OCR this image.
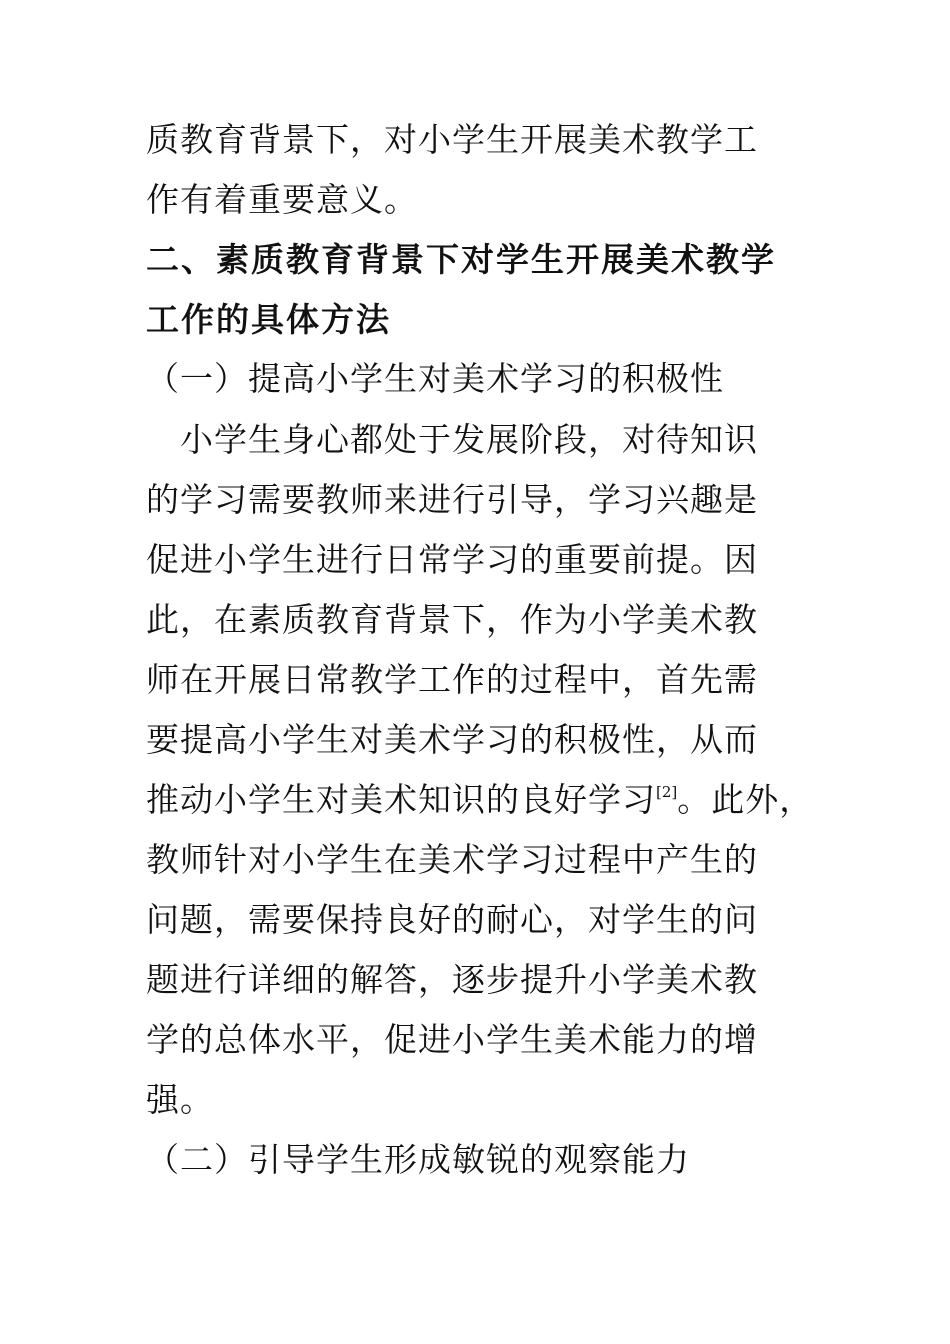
质教育背景下，对小学生开展美术教学工
作有着重要意义。
二、素质教育背景下对学生开展美术教学
工作的具体方法
（一）提高小学生对美术学习的积极性
小学生身心都处于发展阶段，对待知识
的学习需要教师来进行引导，学习兴趣是
促进小学生进行日常学习的重要前提。因
此，在素质教育背景下，作为小学美术教
师在开展日常教学工作的过程中，首先需
要提高小学生对美术学习的积极性，从而
推动小学生对美术知识的良好学习[2]。此外，
教师针对小学生在美术学习过程中产生的
问题，需要保持良好的耐心，对学生的问
题进行详细的解答，逐步提升小学美术教
学的总体水平，促进小学生美术能力的增
强。
（二）引导学生形成敏锐的观察能力
